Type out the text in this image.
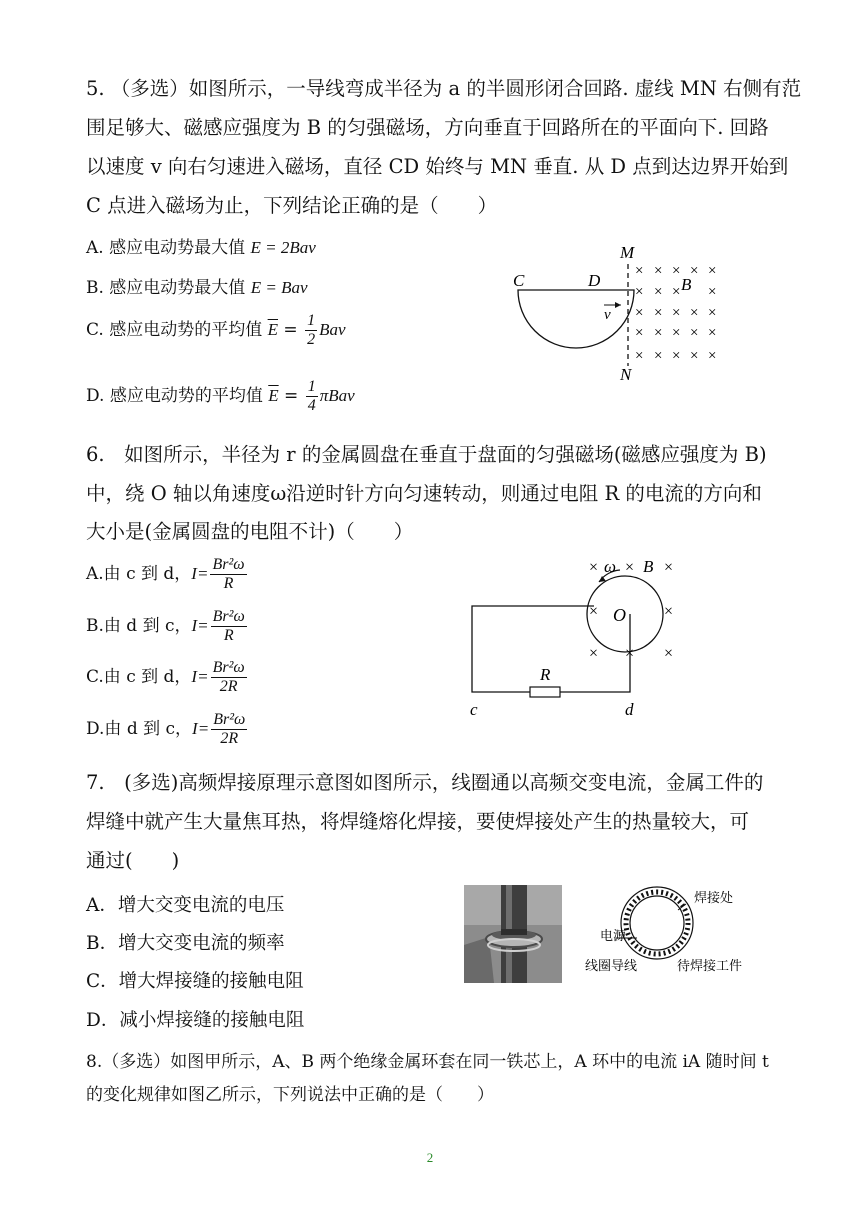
5. （多选）如图所示，一导线弯成半径为 a 的半圆形闭合回路. 虚线 MN 右侧有范
围足够大、磁感应强度为 B 的匀强磁场，方向垂直于回路所在的平面向下. 回路
以速度 v 向右匀速进入磁场，直径 CD 始终与 MN 垂直. 从 D 点到达边界开始到
C 点进入磁场为止，下列结论正确的是（　　）
A. 感应电动势最大值 E = 2Bav
B. 感应电动势最大值 E = Bav
C. 感应电动势的平均值 $\overline{E} = \frac{1}{2}$ Bav
D. 感应电动势的平均值 $\overline{E} = \frac{1}{4}$ πBav
C	D
M
N
v
× × × × ×
× × × ×
× × × × ×
× × × × ×
× × × × ×
B
6.　如图所示，半径为 r 的金属圆盘在垂直于盘面的匀强磁场(磁感应强度为 B)
中，绕 O 轴以角速度ω沿逆时针方向匀速转动，则通过电阻 R 的电流的方向和
大小是(金属圆盘的电阻不计)（　　）
A.由 c 到 d，$I= \frac{\text{Br²ω}}{R}$
B.由 d 到 c，$I= \frac{\text{Br²ω}}{R}$
C.由 c 到 d，$I= \frac{\text{Br²ω}}{2R}$
D.由 d 到 c，$I= \frac{\text{Br²ω}}{2R}$
O
R
c	d
× × ×
×	×
× × ×
ω B
7.　(多选)高频焊接原理示意图如图所示，线圈通以高频交变电流，金属工件的
焊缝中就产生大量焦耳热，将焊缝熔化焊接，要使焊接处产生的热量较大，可
通过(　　)
A．增大交变电流的电压
B．增大交变电流的频率
C．增大焊接缝的接触电阻
D．减小焊接缝的接触电阻
电源
焊接处
线圈导线	待焊接工件
8.（多选）如图甲所示，A、B 两个绝缘金属环套在同一铁芯上，A 环中的电流 iA 随时间 t
的变化规律如图乙所示，下列说法中正确的是（　　）
2
